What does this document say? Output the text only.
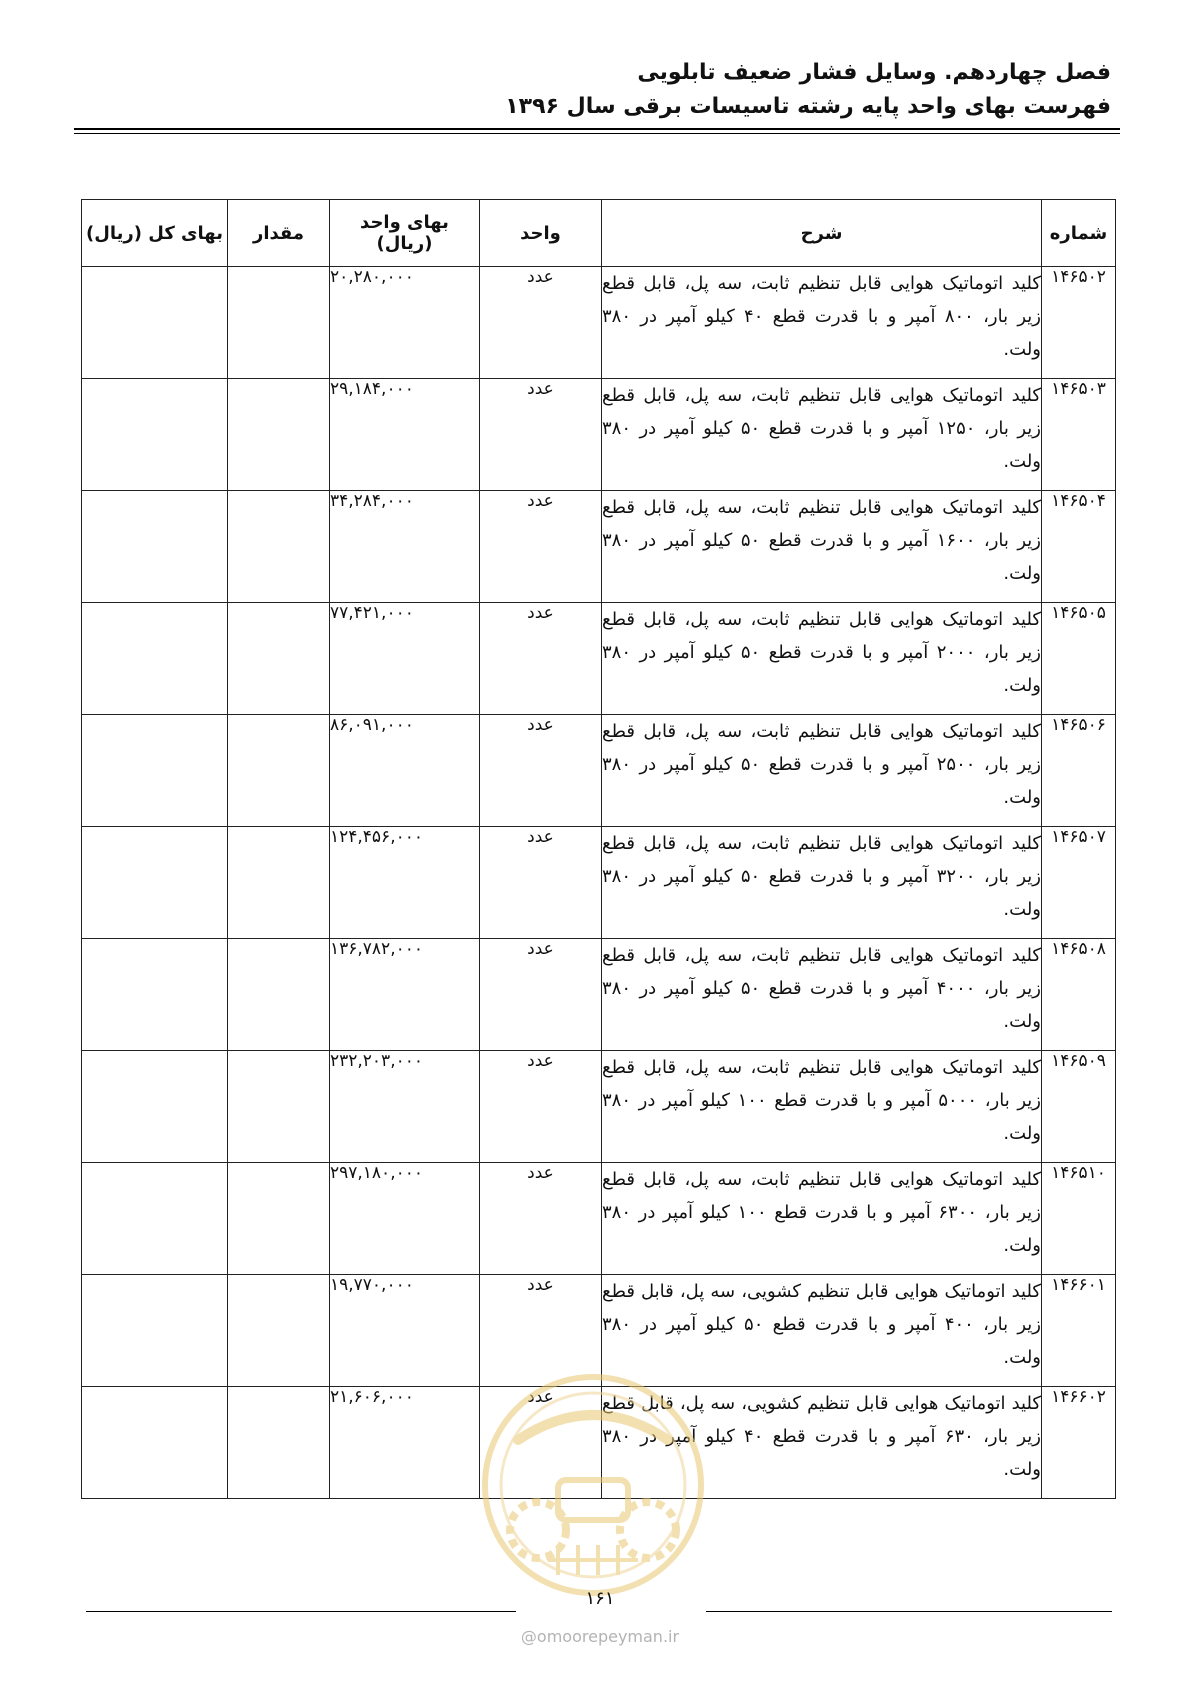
فصل چهاردهم. وسایل فشار ضعیف تابلویی
فهرست بهای واحد پایه رشته تاسیسات برقی سال ۱۳۹۶
شماره	شرح	واحد	بهای واحد (ریال)	مقدار	بهای کل (ریال)
۱۴۶۵۰۲	کلید اتوماتیک هوایی قابل تنظیم ثابت، سه پل، قابل قطع زیر بار، ۸۰۰ آمپر و با قدرت قطع ۴۰ کیلو آمپر در ۳۸۰ ولت.	عدد	۲۰,۲۸۰,۰۰۰		
۱۴۶۵۰۳	کلید اتوماتیک هوایی قابل تنظیم ثابت، سه پل، قابل قطع زیر بار، ۱۲۵۰ آمپر و با قدرت قطع ۵۰ کیلو آمپر در ۳۸۰ ولت.	عدد	۲۹,۱۸۴,۰۰۰		
۱۴۶۵۰۴	کلید اتوماتیک هوایی قابل تنظیم ثابت، سه پل، قابل قطع زیر بار، ۱۶۰۰ آمپر و با قدرت قطع ۵۰ کیلو آمپر در ۳۸۰ ولت.	عدد	۳۴,۲۸۴,۰۰۰		
۱۴۶۵۰۵	کلید اتوماتیک هوایی قابل تنظیم ثابت، سه پل، قابل قطع زیر بار، ۲۰۰۰ آمپر و با قدرت قطع ۵۰ کیلو آمپر در ۳۸۰ ولت.	عدد	۷۷,۴۲۱,۰۰۰		
۱۴۶۵۰۶	کلید اتوماتیک هوایی قابل تنظیم ثابت، سه پل، قابل قطع زیر بار، ۲۵۰۰ آمپر و با قدرت قطع ۵۰ کیلو آمپر در ۳۸۰ ولت.	عدد	۸۶,۰۹۱,۰۰۰		
۱۴۶۵۰۷	کلید اتوماتیک هوایی قابل تنظیم ثابت، سه پل، قابل قطع زیر بار، ۳۲۰۰ آمپر و با قدرت قطع ۵۰ کیلو آمپر در ۳۸۰ ولت.	عدد	۱۲۴,۴۵۶,۰۰۰		
۱۴۶۵۰۸	کلید اتوماتیک هوایی قابل تنظیم ثابت، سه پل، قابل قطع زیر بار، ۴۰۰۰ آمپر و با قدرت قطع ۵۰ کیلو آمپر در ۳۸۰ ولت.	عدد	۱۳۶,۷۸۲,۰۰۰		
۱۴۶۵۰۹	کلید اتوماتیک هوایی قابل تنظیم ثابت، سه پل، قابل قطع زیر بار، ۵۰۰۰ آمپر و با قدرت قطع ۱۰۰ کیلو آمپر در ۳۸۰ ولت.	عدد	۲۳۲,۲۰۳,۰۰۰		
۱۴۶۵۱۰	کلید اتوماتیک هوایی قابل تنظیم ثابت، سه پل، قابل قطع زیر بار، ۶۳۰۰ آمپر و با قدرت قطع ۱۰۰ کیلو آمپر در ۳۸۰ ولت.	عدد	۲۹۷,۱۸۰,۰۰۰		
۱۴۶۶۰۱	کلید اتوماتیک هوایی قابل تنظیم کشویی، سه پل، قابل قطع زیر بار، ۴۰۰ آمپر و با قدرت قطع ۵۰ کیلو آمپر در ۳۸۰ ولت.	عدد	۱۹,۷۷۰,۰۰۰		
۱۴۶۶۰۲	کلید اتوماتیک هوایی قابل تنظیم کشویی، سه پل، قابل قطع زیر بار، ۶۳۰ آمپر و با قدرت قطع ۴۰ کیلو آمپر در ۳۸۰ ولت.	عدد	۲۱,۶۰۶,۰۰۰		
۱۶۱
@omoorepeyman.ir
